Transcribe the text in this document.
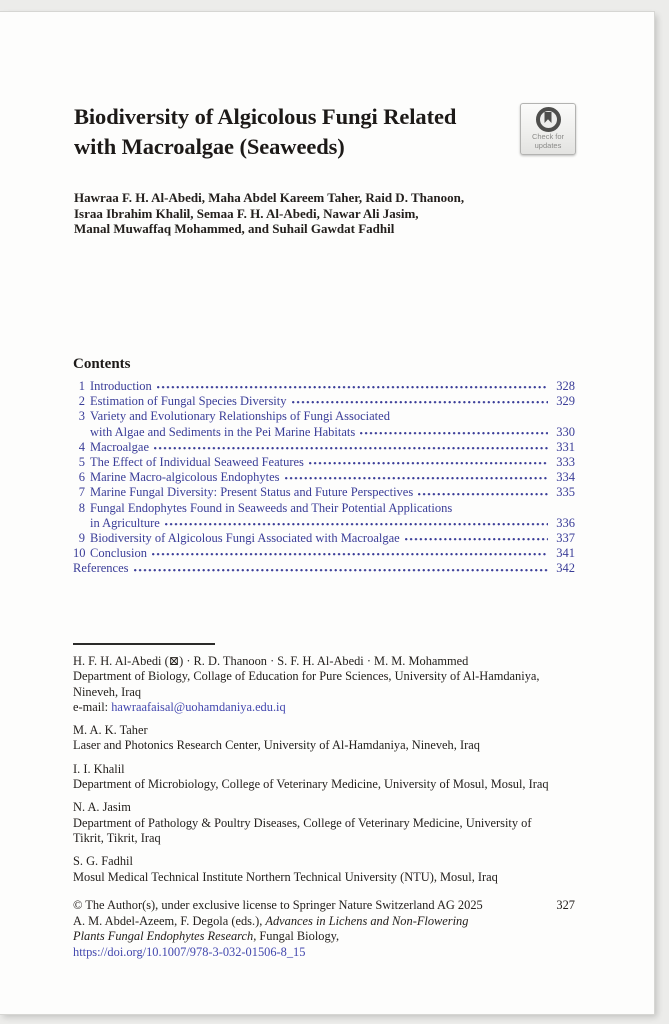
Biodiversity of Algicolous Fungi Related
with Macroalgae (Seaweeds)	Check for
updates
Hawraa F. H. Al-Abedi, Maha Abdel Kareem Taher, Raid D. Thanoon,
Israa Ibrahim Khalil, Semaa F. H. Al-Abedi, Nawar Ali Jasim,
Manal Muwaffaq Mohammed, and Suhail Gawdat Fadhil
Contents
1 Introduction	328
2 Estimation of Fungal Species Diversity	329
3 Variety and Evolutionary Relationships of Fungi Associated
with Algae and Sediments in the Pei Marine Habitats	330
4 Macroalgae	331
5 The Effect of Individual Seaweed Features	333
6 Marine Macro-algicolous Endophytes	334
7 Marine Fungal Diversity: Present Status and Future Perspectives	335
8 Fungal Endophytes Found in Seaweeds and Their Potential Applications
in Agriculture	336
9 Biodiversity of Algicolous Fungi Associated with Macroalgae	337
10 Conclusion	341
References	342
H. F. H. Al-Abedi (⊠) · R. D. Thanoon · S. F. H. Al-Abedi · M. M. Mohammed
Department of Biology, Collage of Education for Pure Sciences, University of Al-Hamdaniya,
Nineveh, Iraq
e-mail: hawraafaisal@uohamdaniya.edu.iq
M. A. K. Taher
Laser and Photonics Research Center, University of Al-Hamdaniya, Nineveh, Iraq
I. I. Khalil
Department of Microbiology, College of Veterinary Medicine, University of Mosul, Mosul, Iraq
N. A. Jasim
Department of Pathology & Poultry Diseases, College of Veterinary Medicine, University of
Tikrit, Tikrit, Iraq
S. G. Fadhil
Mosul Medical Technical Institute Northern Technical University (NTU), Mosul, Iraq
© The Author(s), under exclusive license to Springer Nature Switzerland AG 2025	327
A. M. Abdel-Azeem, F. Degola (eds.), Advances in Lichens and Non-Flowering
Plants Fungal Endophytes Research, Fungal Biology,
https://doi.org/10.1007/978-3-032-01506-8_15
